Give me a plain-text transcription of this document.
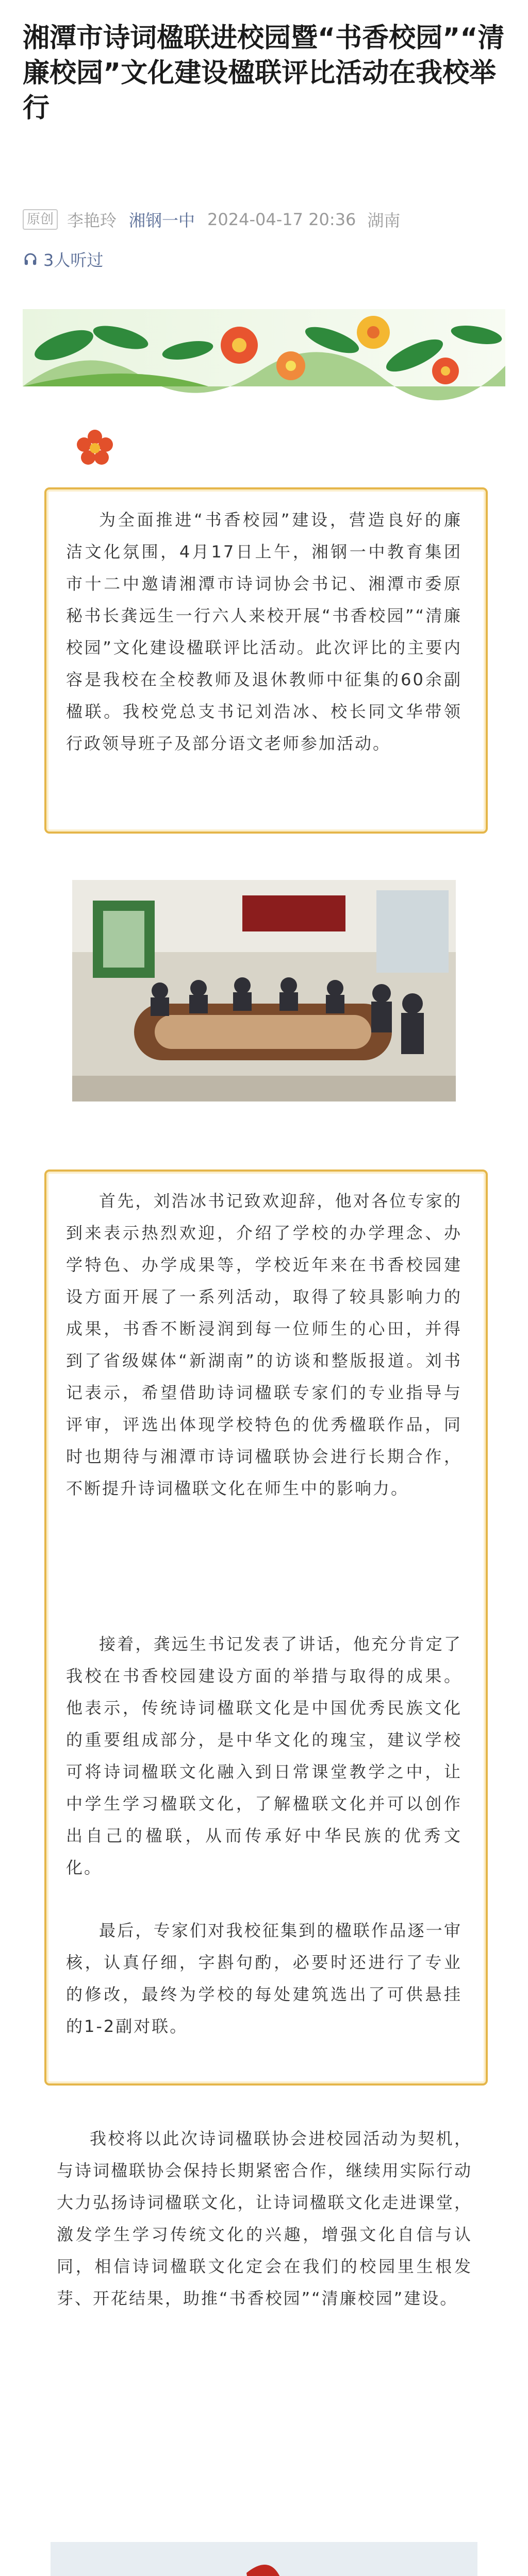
湘潭市诗词楹联进校园暨“书香校园”“清廉校园”文化建设楹联评比活动在我校举行
原创 李艳玲 湘钢一中 2024-04-17 20:36 湖南
3人听过

为全面推进“书香校园”建设，营造良好的廉洁文化氛围，4月17日上午，湘钢一中教育集团市十二中邀请湘潭市诗词协会书记、湘潭市委原秘书长龚远生一行六人来校开展“书香校园”“清廉校园”文化建设楹联评比活动。此次评比的主要内容是我校在全校教师及退休教师中征集的60余副楹联。我校党总支书记刘浩冰、校长同文华带领行政领导班子及部分语文老师参加活动。

首先，刘浩冰书记致欢迎辞，他对各位专家的到来表示热烈欢迎，介绍了学校的办学理念、办学特色、办学成果等，学校近年来在书香校园建设方面开展了一系列活动，取得了较具影响力的成果，书香不断浸润到每一位师生的心田，并得到了省级媒体“新湖南”的访谈和整版报道。刘书记表示，希望借助诗词楹联专家们的专业指导与评审，评选出体现学校特色的优秀楹联作品，同时也期待与湘潭市诗词楹联协会进行长期合作，不断提升诗词楹联文化在师生中的影响力。

接着，龚远生书记发表了讲话，他充分肯定了我校在书香校园建设方面的举措与取得的成果。他表示，传统诗词楹联文化是中国优秀民族文化的重要组成部分，是中华文化的瑰宝，建议学校可将诗词楹联文化融入到日常课堂教学之中，让中学生学习楹联文化，了解楹联文化并可以创作出自己的楹联，从而传承好中华民族的优秀文化。

最后，专家们对我校征集到的楹联作品逐一审核，认真仔细，字斟句酌，必要时还进行了专业的修改，最终为学校的每处建筑选出了可供悬挂的1-2副对联。

我校将以此次诗词楹联协会进校园活动为契机，与诗词楹联协会保持长期紧密合作，继续用实际行动大力弘扬诗词楹联文化，让诗词楹联文化走进课堂，激发学生学习传统文化的兴趣，增强文化自信与认同，相信诗词楹联文化定会在我们的校园里生根发芽、开花结果，助推“书香校园”“清廉校园”建设。
